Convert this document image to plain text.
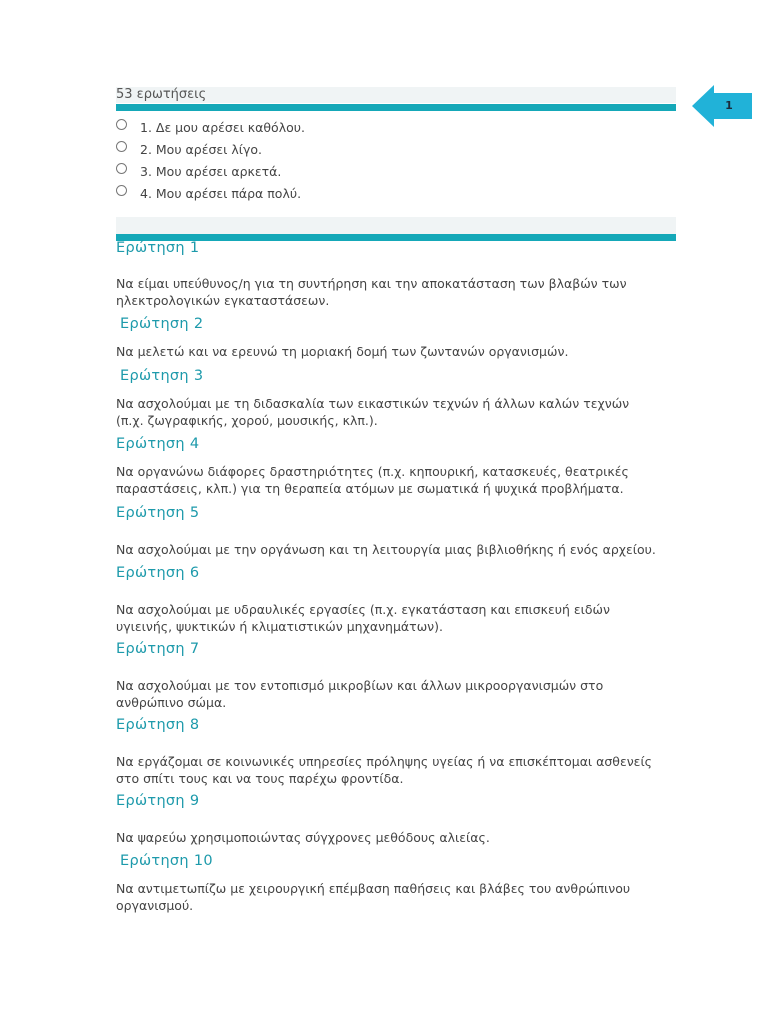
53 ερωτήσεις
1
1. Δε μου αρέσει καθόλου.
2. Μου αρέσει λίγο.
3. Μου αρέσει αρκετά.
4. Μου αρέσει πάρα πολύ.
Ερώτηση 1
Να είμαι υπεύθυνος/η για τη συντήρηση και την αποκατάσταση των βλαβών των ηλεκτρολογικών εγκαταστάσεων.
Ερώτηση 2
Να μελετώ και να ερευνώ τη μοριακή δομή των ζωντανών οργανισμών.
Ερώτηση 3
Να ασχολούμαι με τη διδασκαλία των εικαστικών τεχνών ή άλλων καλών τεχνών (π.χ. ζωγραφικής, χορού, μουσικής, κλπ.).
Ερώτηση 4
Να οργανώνω διάφορες δραστηριότητες (π.χ. κηπουρική, κατασκευές, θεατρικές παραστάσεις, κλπ.) για τη θεραπεία ατόμων με σωματικά ή ψυχικά προβλήματα.
Ερώτηση 5
Να ασχολούμαι με την οργάνωση και τη λειτουργία μιας βιβλιοθήκης ή ενός αρχείου.
Ερώτηση 6
Να ασχολούμαι με υδραυλικές εργασίες (π.χ. εγκατάσταση και επισκευή ειδών υγιεινής, ψυκτικών ή κλιματιστικών μηχανημάτων).
Ερώτηση 7
Να ασχολούμαι με τον εντοπισμό μικροβίων και άλλων μικροοργανισμών στο ανθρώπινο σώμα.
Ερώτηση 8
Να εργάζομαι σε κοινωνικές υπηρεσίες πρόληψης υγείας ή να επισκέπτομαι ασθενείς στο σπίτι τους και να τους παρέχω φροντίδα.
Ερώτηση 9
Να ψαρεύω χρησιμοποιώντας σύγχρονες μεθόδους αλιείας.
Ερώτηση 10
Να αντιμετωπίζω με χειρουργική επέμβαση παθήσεις και βλάβες του ανθρώπινου οργανισμού.
